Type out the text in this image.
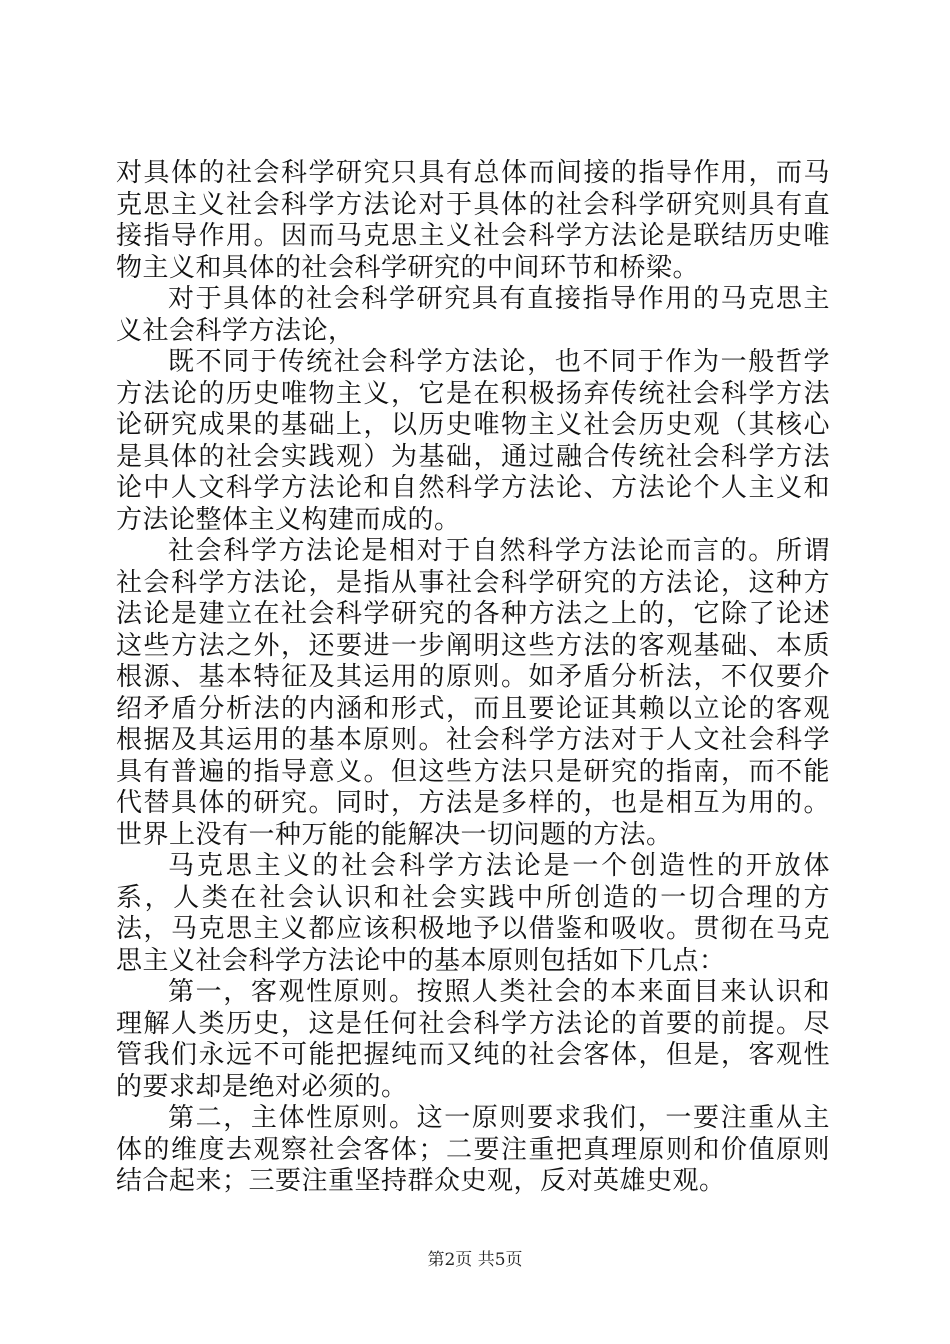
对具体的社会科学研究只具有总体而间接的指导作用，而马克思主义社会科学方法论对于具体的社会科学研究则具有直接指导作用。因而马克思主义社会科学方法论是联结历史唯物主义和具体的社会科学研究的中间环节和桥梁。

对于具体的社会科学研究具有直接指导作用的马克思主义社会科学方法论，

既不同于传统社会科学方法论，也不同于作为一般哲学方法论的历史唯物主义，它是在积极扬弃传统社会科学方法论研究成果的基础上，以历史唯物主义社会历史观（其核心是具体的社会实践观）为基础，通过融合传统社会科学方法论中人文科学方法论和自然科学方法论、方法论个人主义和方法论整体主义构建而成的。

社会科学方法论是相对于自然科学方法论而言的。所谓社会科学方法论，是指从事社会科学研究的方法论，这种方法论是建立在社会科学研究的各种方法之上的，它除了论述这些方法之外，还要进一步阐明这些方法的客观基础、本质根源、基本特征及其运用的原则。如矛盾分析法，不仅要介绍矛盾分析法的内涵和形式，而且要论证其赖以立论的客观根据及其运用的基本原则。社会科学方法对于人文社会科学具有普遍的指导意义。但这些方法只是研究的指南，而不能代替具体的研究。同时，方法是多样的，也是相互为用的。世界上没有一种万能的能解决一切问题的方法。

马克思主义的社会科学方法论是一个创造性的开放体系，人类在社会认识和社会实践中所创造的一切合理的方法，马克思主义都应该积极地予以借鉴和吸收。贯彻在马克思主义社会科学方法论中的基本原则包括如下几点：

第一，客观性原则。按照人类社会的本来面目来认识和理解人类历史，这是任何社会科学方法论的首要的前提。尽管我们永远不可能把握纯而又纯的社会客体，但是，客观性的要求却是绝对必须的。

第二，主体性原则。这一原则要求我们，一要注重从主体的维度去观察社会客体；二要注重把真理原则和价值原则结合起来；三要注重坚持群众史观，反对英雄史观。

第2页 共5页
